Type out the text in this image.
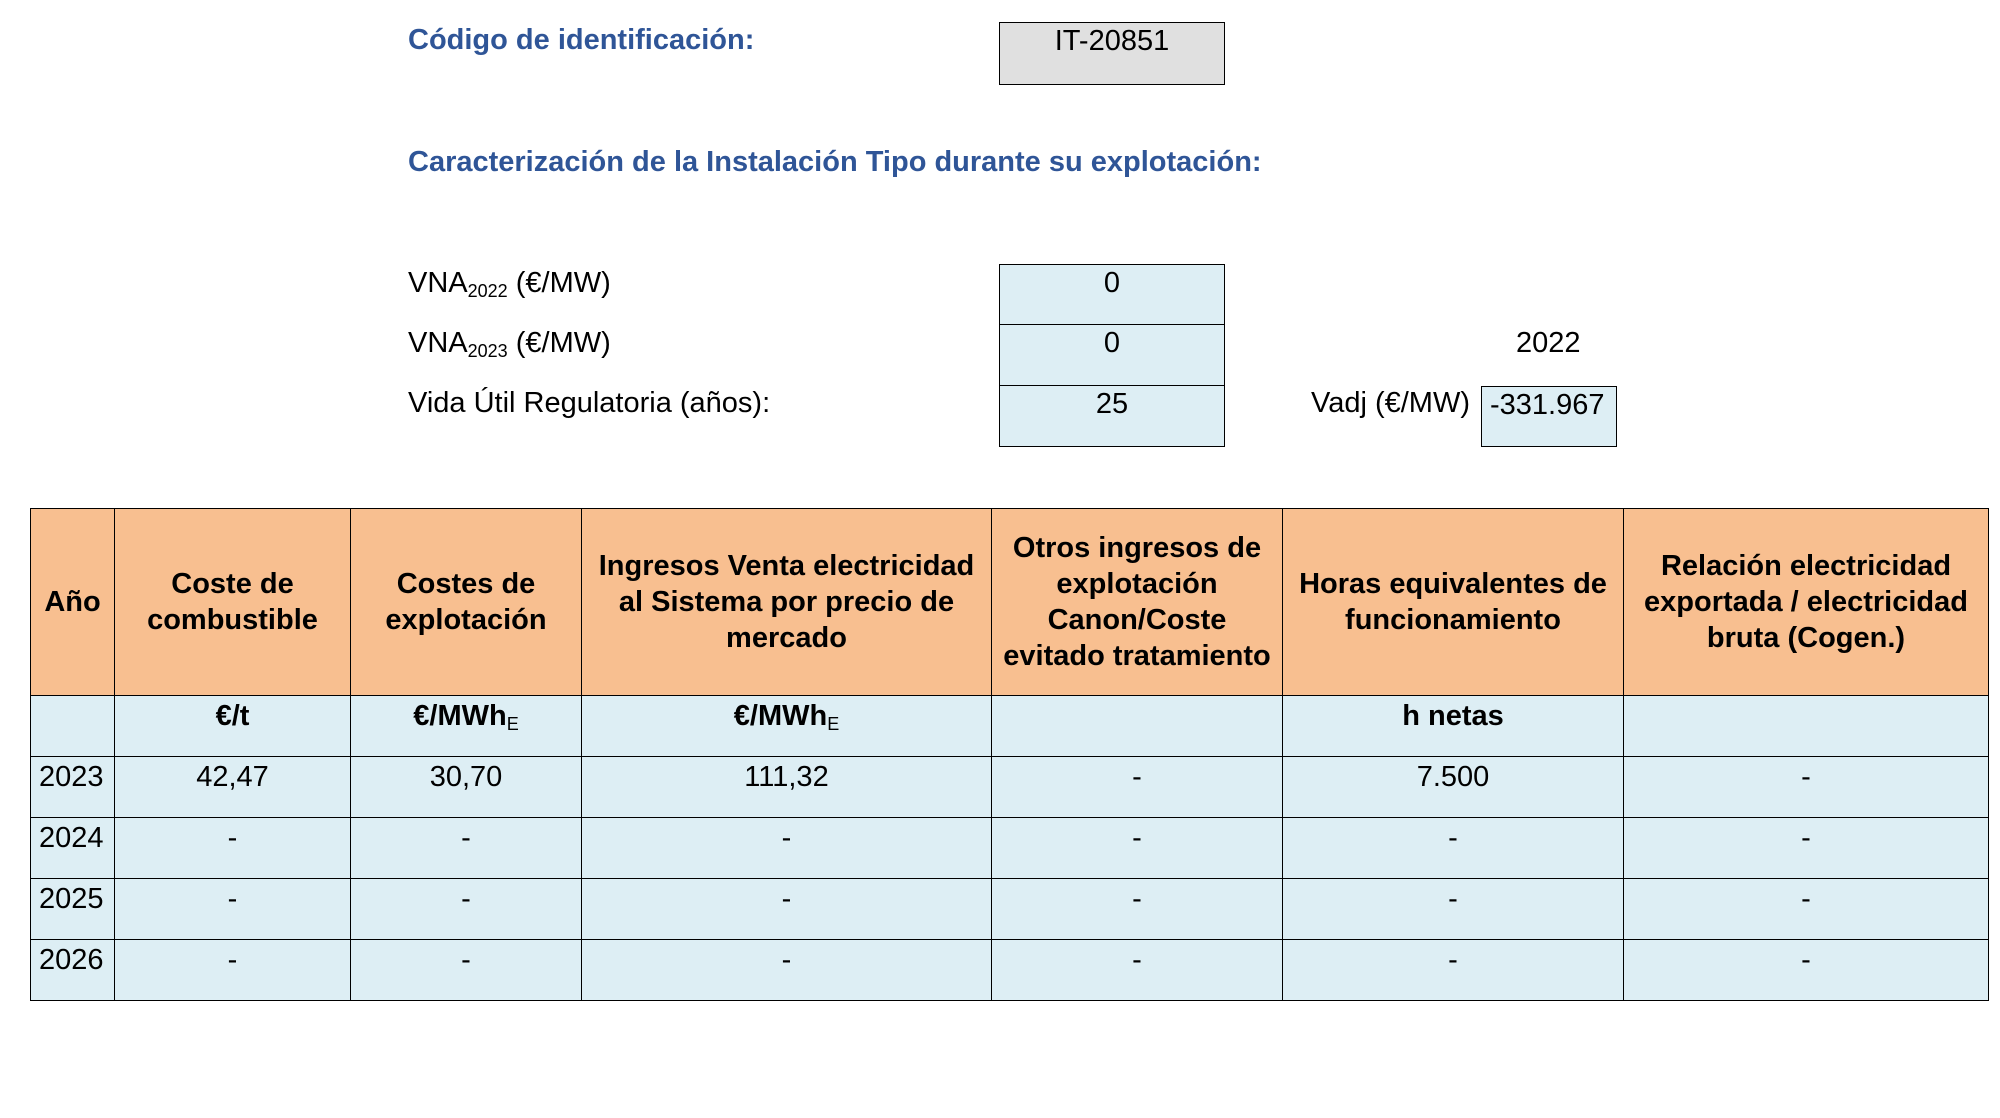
Código de identificación:	IT-20851
Caracterización de la Instalación Tipo durante su explotación:
$VNA_{2022}$ (€/MW)	0
$VNA_{2023}$ (€/MW)	0
Vida Útil Regulatoria (años):	25
2022
Vadj (€/MW) -331.967
Año	Coste de combustible	Costes de explotación	Ingresos Venta electricidad al Sistema por precio de mercado	Otros ingresos de explotación Canon/Coste evitado tratamiento	Horas equivalentes de funcionamiento	Relación electricidad exportada / electricidad bruta (Cogen.)
	€/t	€/MWh$_E$	€/MWh$_E$		h netas	
2023	42,47	30,70	111,32	-	7.500	-
2024	-	-	-	-	-	-
2025	-	-	-	-	-	-
2026	-	-	-	-	-	-
